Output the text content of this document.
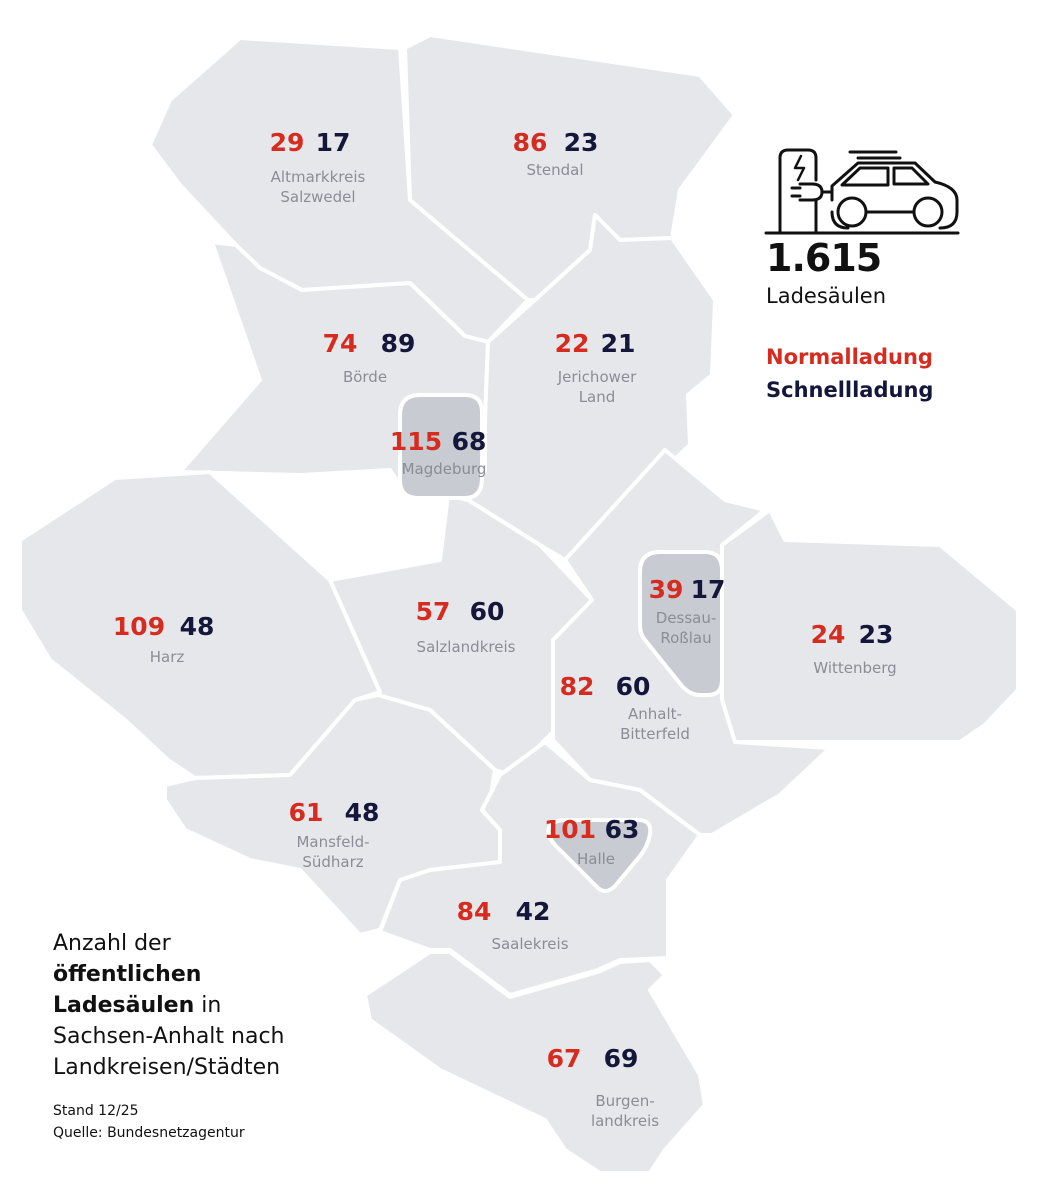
29 17
Altmarkkreis
Salzwedel
86 23
Stendal
74 89
Börde
22 21
Jerichower
Land
115 68
Magdeburg
109 48
Harz
57 60
Salzlandkreis
39 17
Dessau-
Roßlau	24 23
Wittenberg
82 60
Anhalt-
Bitterfeld
61 48
Mansfeld-
Südharz
101 63
Halle
84 42
Saalekreis
67 69
Burgen-
landkreis
1.615
Ladesäulen
Normalladung
Schnellladung
Anzahl der
öffentlichen
Ladesäulen in
Sachsen-Anhalt nach
Landkreisen/Städten
Stand 12/25
Quelle: Bundesnetzagentur
